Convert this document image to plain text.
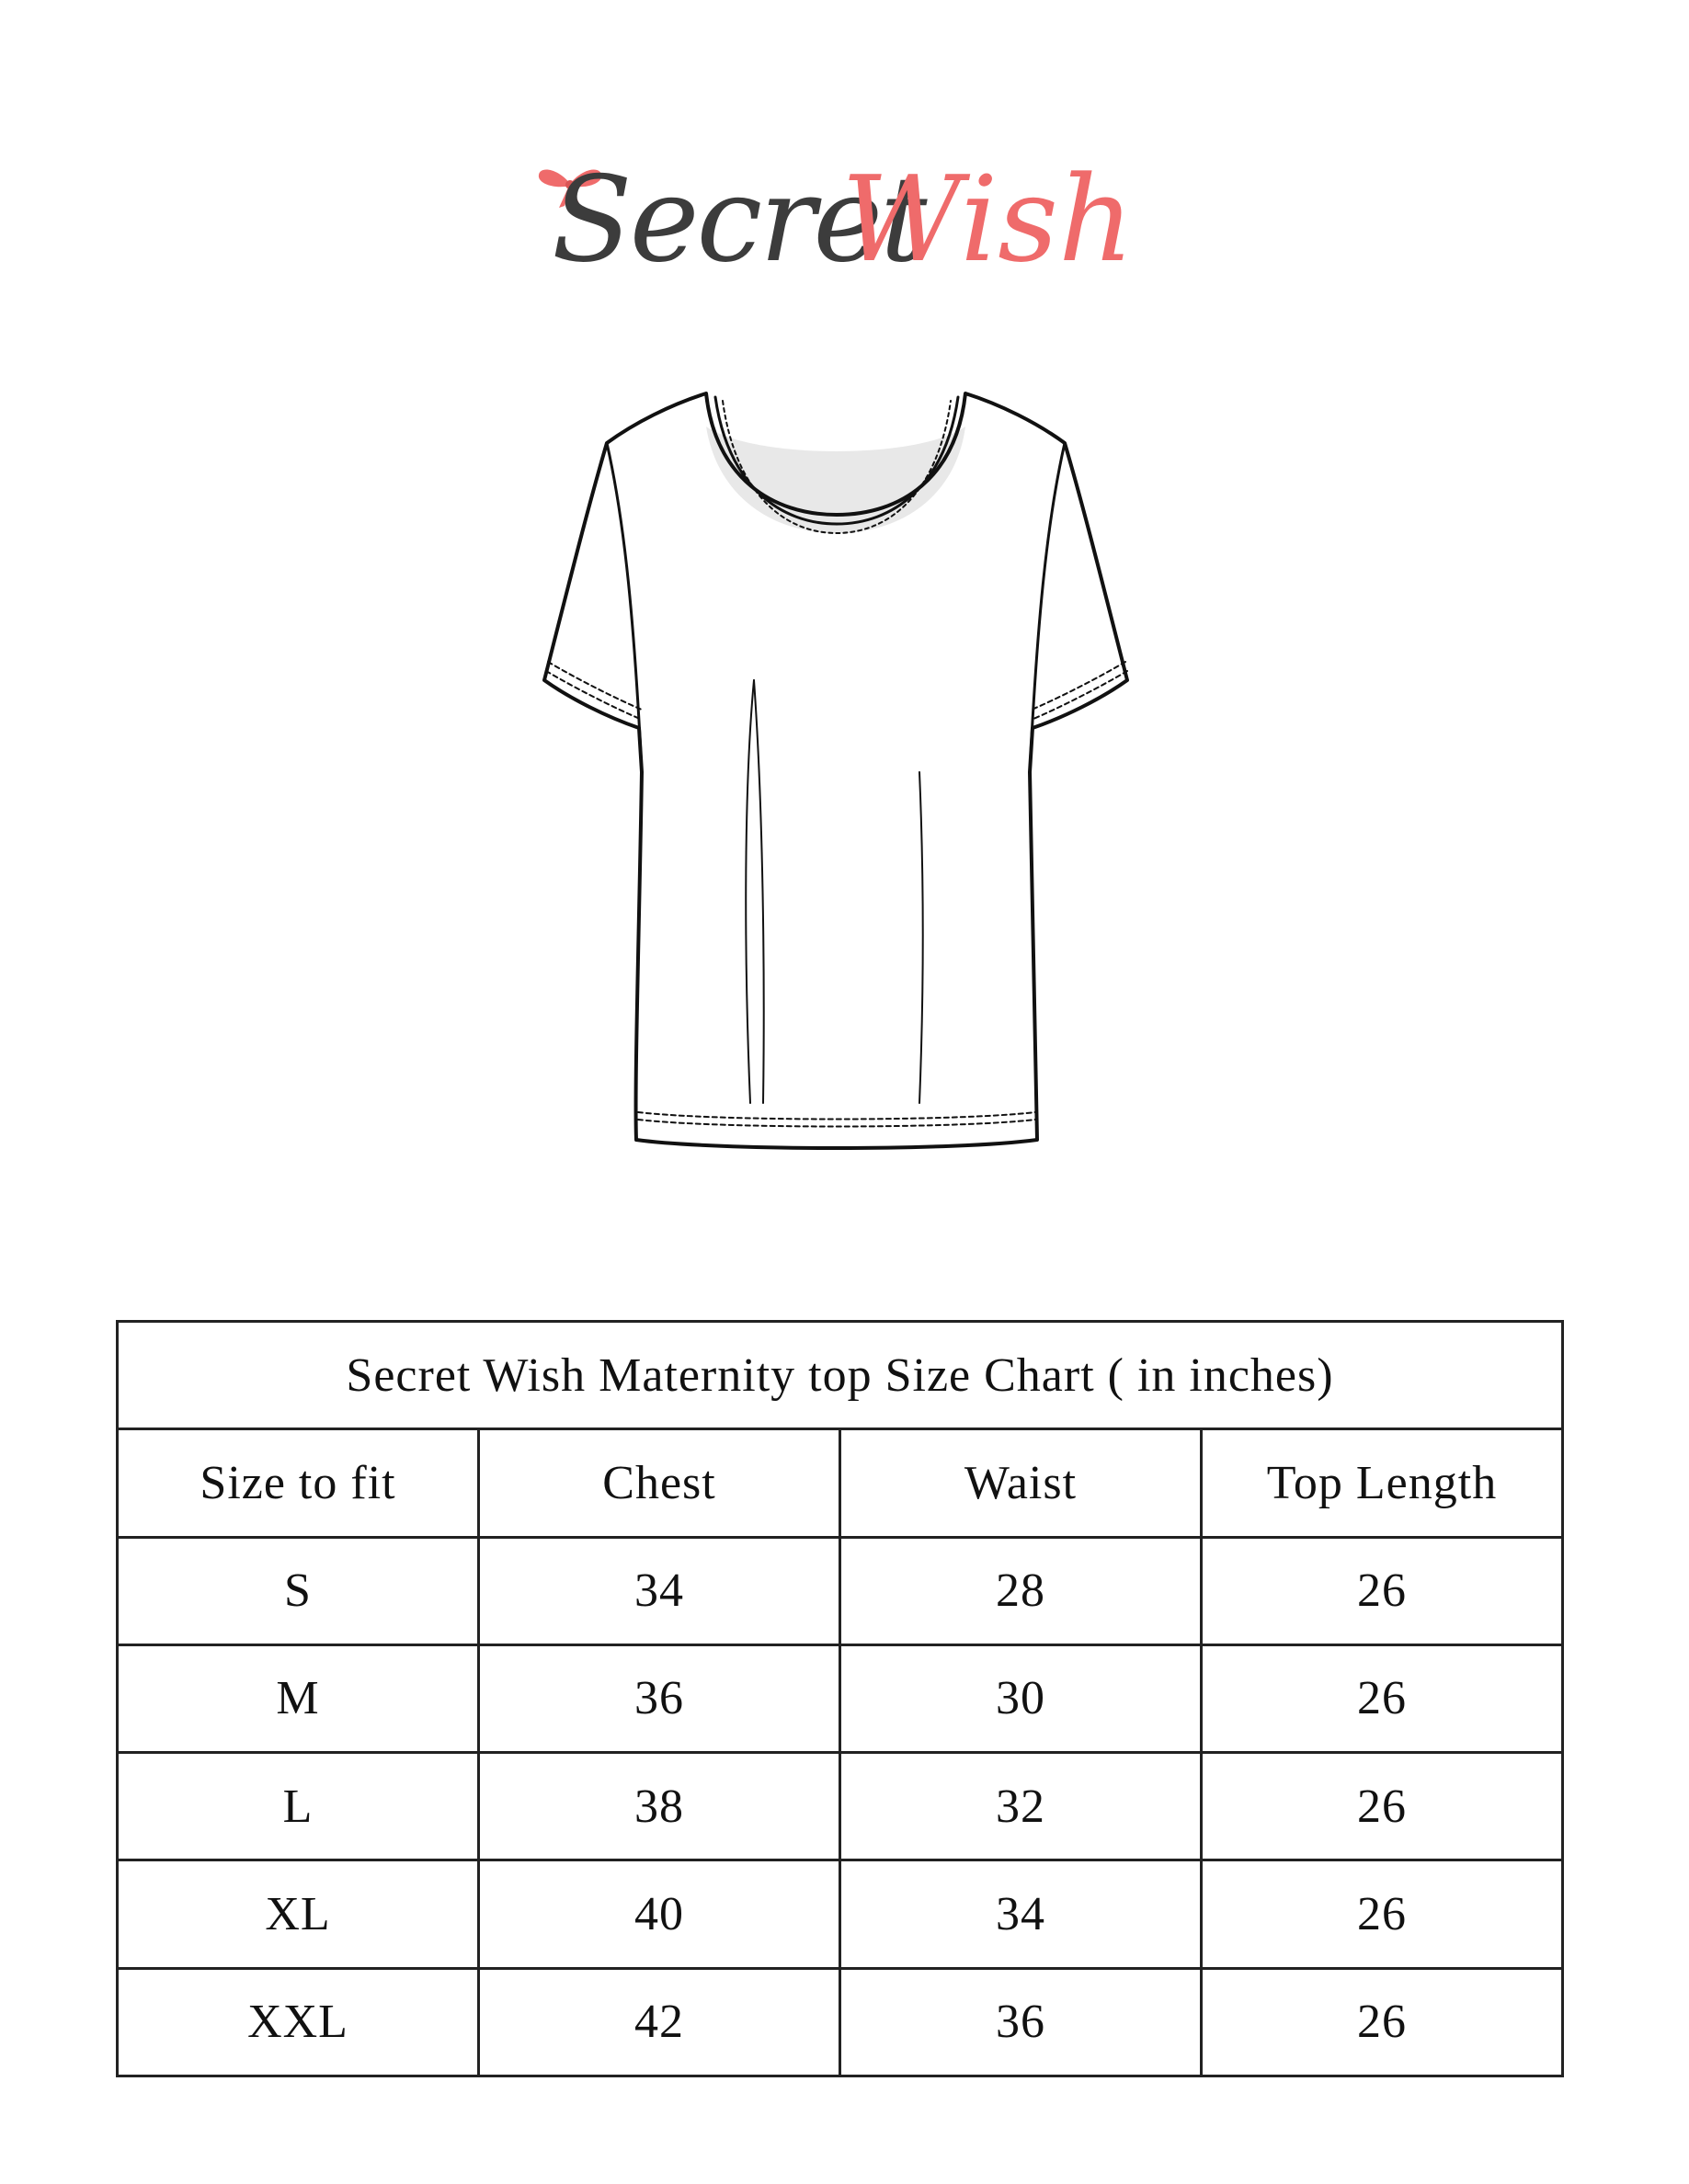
Secret
Wish
Secret Wish Maternity top Size Chart ( in inches)			
Size to fit	Chest	Waist	Top Length
S	34	28	26
M	36	30	26
L	38	32	26
XL	40	34	26
XXL	42	36	26
